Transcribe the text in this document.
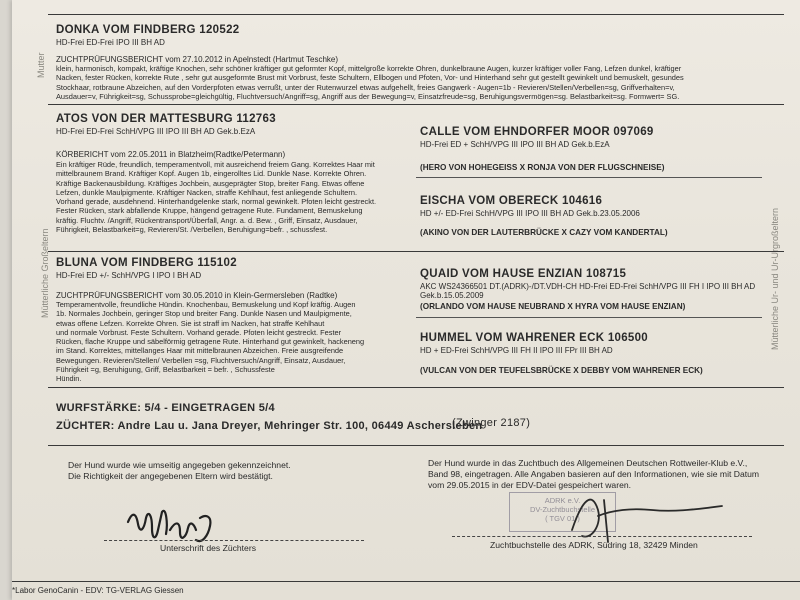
Mutter
Mütterliche Großeltern	Mütterliche Ur- und Ur-Urgroßeltern
DONKA VOM FINDBERG 120522
HD-Frei ED-Frei IPO III BH AD
ZUCHTPRÜFUNGSBERICHT vom 27.10.2012 in Apelnstedt (Hartmut Teschke)
klein, harmonisch, kompakt, kräftige Knochen, sehr schöner kräftiger gut geformter Kopf, mittelgroße korrekte Ohren, dunkelbraune Augen, kurzer kräftiger voller Fang, Lefzen dunkel, kräftiger
Nacken, fester Rücken, korrekte Rute , sehr gut ausgeformte Brust mit Vorbrust, feste Schultern, Ellbogen und Pfoten, Vor- und Hinterhand sehr gut gestellt gewinkelt und bemuskelt, gesundes
Stockhaar, rotbraune Abzeichen, auf den Vorderpfoten etwas verrußt, unter der Rutenwurzel etwas aufgehellt, freies Gangwerk - Augen=1b - Revieren/Stellen/Verbellen=sg, Griffverhalten=v,
Ausdauer=v, Führigkeit=sg, Schussprobe=gleichgültig, Fluchtversuch/Angriff=sg, Angriff aus der Bewegung=v, Einsatzfreude=sg, Beruhigungsvermögen=sg. Belastbarkeit=sg. Formwert= SG.
ATOS VON DER MATTESBURG 112763
HD-Frei ED-Frei SchH/VPG III IPO III BH AD Gek.b.EzA
KÖRBERICHT vom 22.05.2011 in Blatzheim(Radtke/Petermann)
Ein kräftiger Rüde, freundlich, temperamentvoll, mit ausreichend freiem Gang. Korrektes Haar mit
mittelbraunem Brand. Kräftiger Kopf. Augen 1b, eingerolltes Lid. Dunkle Nase. Korrekte Ohren.
Kräftige Backenausbildung. Kräftiges Jochbein, ausgeprägter Stop, breiter Fang. Etwas offene
Lefzen, dunkle Maulpigmente. Kräftiger Nacken, straffe Kehlhaut, fest anliegende Schultern.
Vorhand gerade, ausdehnend. Hinterhandgelenke stark, normal gewinkelt. Pfoten leicht gestreckt.
Fester Rücken, stark abfallende Kruppe, hängend getragene Rute. Fundament, Bemuskelung
kräftig. Fluchtv. /Angriff, Rückentransport/Überfall, Angr. a. d. Bew. , Griff, Einsatz, Ausdauer,
Führigkeit, Belastbarkeit=g, Revieren/St. /Verbellen, Beruhigung=befr. , schussfest.
CALLE VOM EHNDORFER MOOR 097069
HD-Frei ED + SchH/VPG III IPO III BH AD Gek.b.EzA
(HERO VON HOHEGEISS X RONJA VON DER FLUGSCHNEISE)
EISCHA VOM OBERECK 104616
HD +/- ED-Frei SchH/VPG III IPO III BH AD Gek.b.23.05.2006
(AKINO VON DER LAUTERBRÜCKE X CAZY VOM KANDERTAL)
BLUNA VOM FINDBERG 115102
HD-Frei ED +/- SchH/VPG I IPO I BH AD
ZUCHTPRÜFUNGSBERICHT vom 30.05.2010 in Klein-Germersleben (Radtke)
Temperamentvolle, freundliche Hündin. Knochenbau, Bemuskelung und Kopf kräftig. Augen
1b. Normales Jochbein, geringer Stop und breiter Fang. Dunkle Nasen und Maulpigmente,
etwas offene Lefzen. Korrekte Ohren. Sie ist straff im Nacken, hat straffe Kehlhaut
und normale Vorbrust. Feste Schultern. Vorhand gerade. Pfoten leicht gestreckt. Fester
Rücken, flache Kruppe und säbelförmig getragene Rute. Hinterhand gut gewinkelt, hackeneng
im Stand. Korrektes, mittellanges Haar mit mittelbraunen Abzeichen. Freie ausgreifende
Bewegungen. Revieren/Stellen/ Verbellen =sg, Fluchtversuch/Angriff, Einsatz, Ausdauer,
Führigkeit =g, Beruhigung, Griff, Belastbarkeit = befr. , Schussfeste
Hündin.
QUAID VOM HAUSE ENZIAN 108715
AKC WS24366501 DT.(ADRK)-/DT.VDH-CH HD-Frei ED-Frei SchH/VPG III FH I IPO III BH AD
Gek.b.15.05.2009
(ORLANDO VOM HAUSE NEUBRAND X HYRA VOM HAUSE ENZIAN)
HUMMEL VOM WAHRENER ECK 106500
HD + ED-Frei SchH/VPG III FH II IPO III FPr III BH AD
(VULCAN VON DER TEUFELSBRÜCKE X DEBBY VOM WAHRENER ECK)
WURFSTÄRKE: 5/4 - EINGETRAGEN 5/4
ZÜCHTER: Andre Lau u. Jana Dreyer, Mehringer Str. 100, 06449 Aschersleben
(Zwinger 2187)
Der Hund wurde wie umseitig angegeben gekennzeichnet.
Die Richtigkeit der angegebenen Eltern wird bestätigt.
Der Hund wurde in das Zuchtbuch des Allgemeinen Deutschen Rottweiler-Klub e.V.,
Band 98, eingetragen. Alle Angaben basieren auf den Informationen, wie sie mit Datum
vom 29.05.2015 in der EDV-Datei gespeichert waren.
Unterschrift des Züchters
ADRK e.V.
DV-Zuchtbuchstelle
( TGV 01 )
Zuchtbuchstelle des ADRK, Südring 18, 32429 Minden
*Labor GenoCanin - EDV: TG-VERLAG Giessen
